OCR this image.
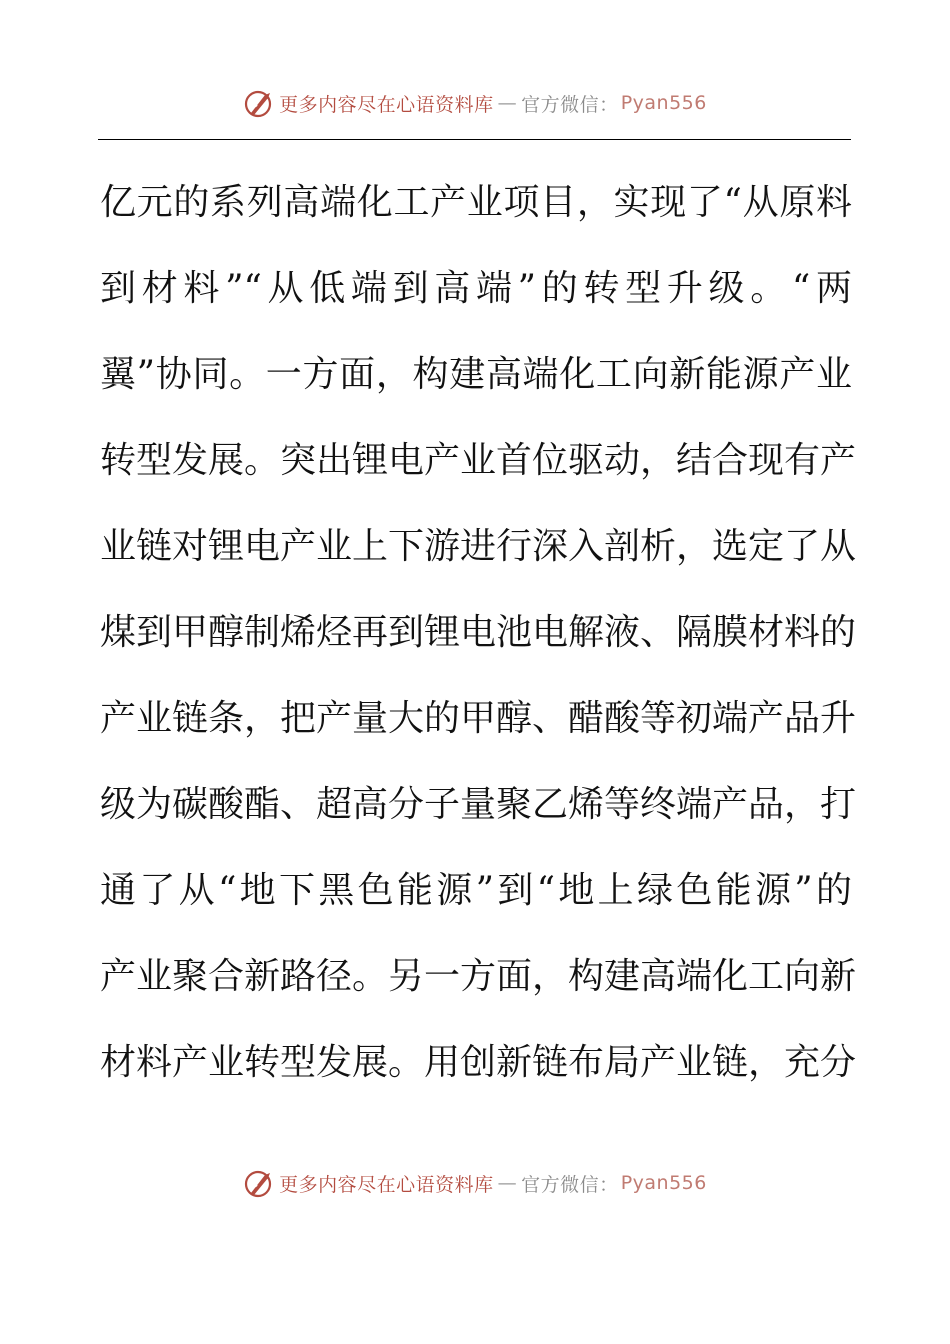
更多内容尽在心语资料库 — 官方微信： Pyan556
亿元的系列高端化工产业项目，实现了“从原料
到材料”“从低端到高端”的转型升级。“两
翼”协同。一方面，构建高端化工向新能源产业
转型发展。突出锂电产业首位驱动，结合现有产
业链对锂电产业上下游进行深入剖析，选定了从
煤到甲醇制烯烃再到锂电池电解液、隔膜材料的
产业链条，把产量大的甲醇、醋酸等初端产品升
级为碳酸酯、超高分子量聚乙烯等终端产品，打
通了从“地下黑色能源”到“地上绿色能源”的
产业聚合新路径。另一方面，构建高端化工向新
材料产业转型发展。用创新链布局产业链，充分
更多内容尽在心语资料库 — 官方微信： Pyan556
